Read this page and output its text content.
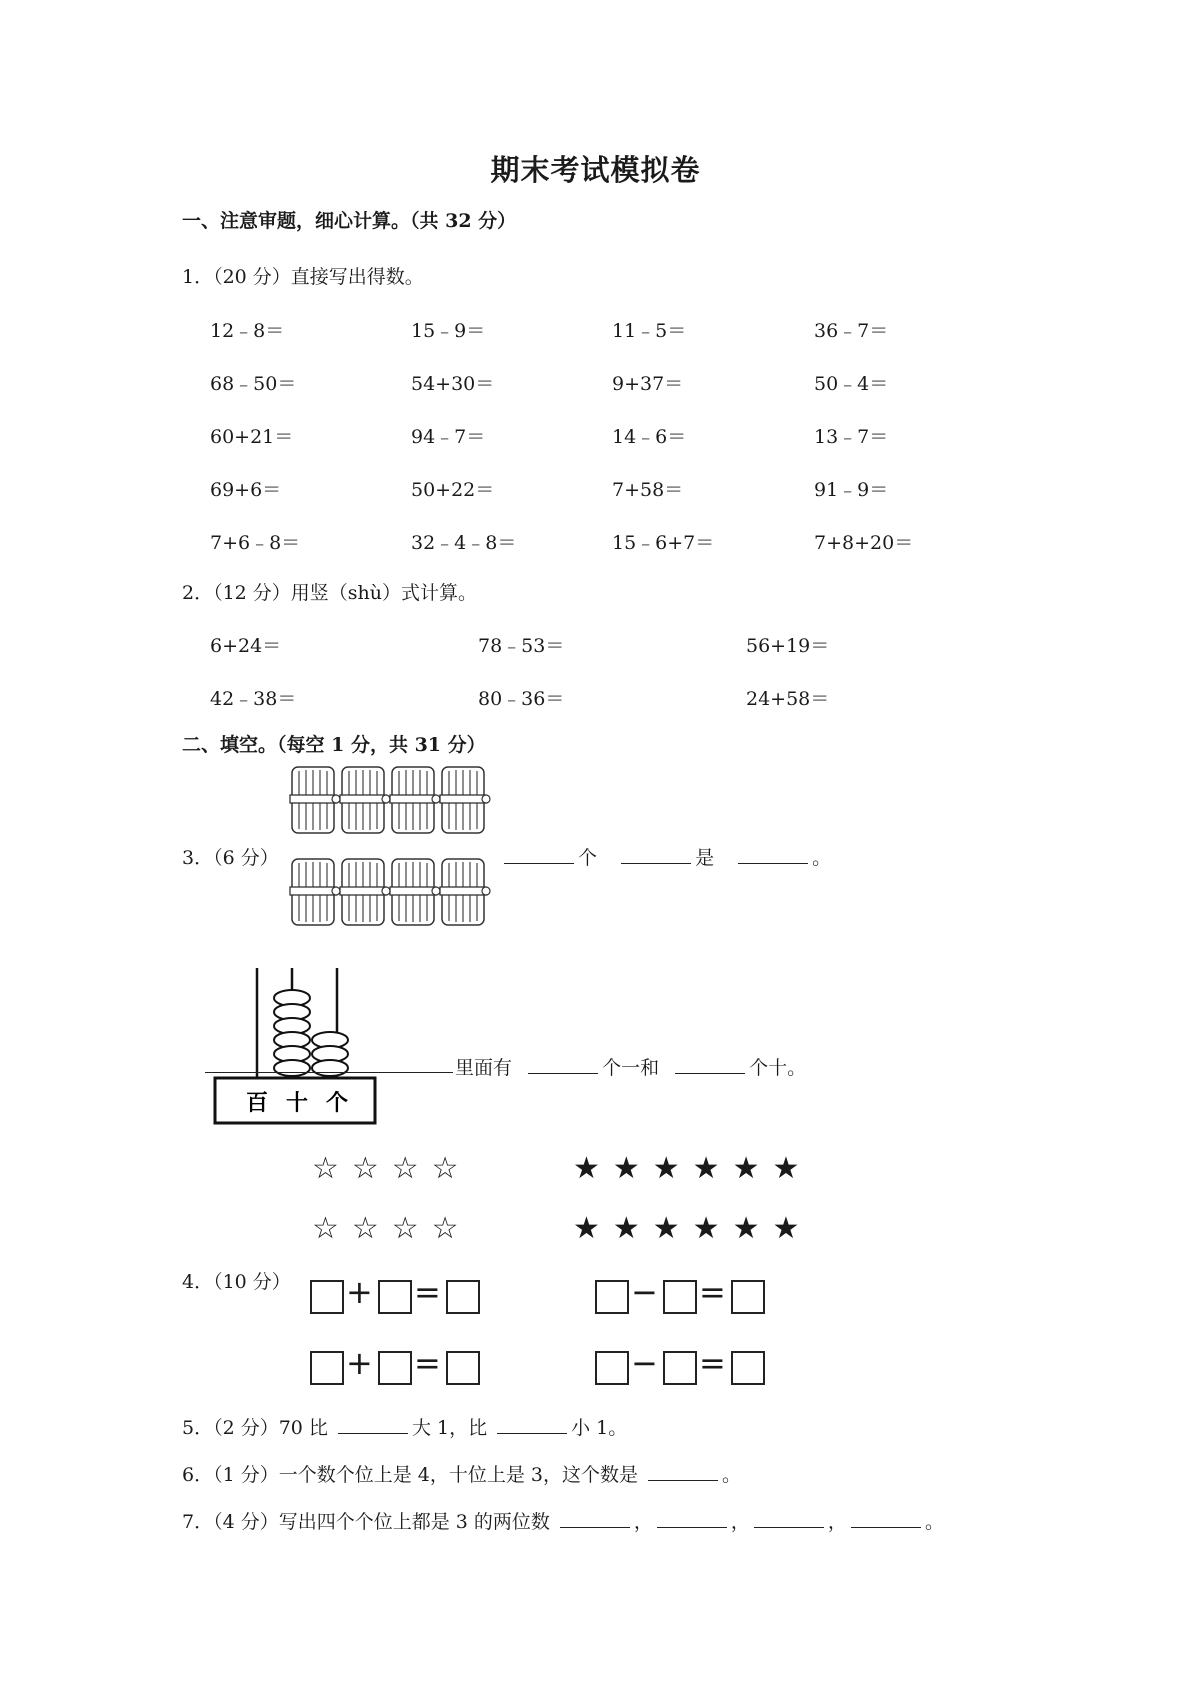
期末考试模拟卷
一、注意审题，细心计算。（共 32 分）
1．（20 分）直接写出得数。
12﹣8＝	15﹣9＝	11﹣5＝	36﹣7＝
68﹣50＝	54+30＝	9+37＝	50﹣4＝
60+21＝	94﹣7＝	14﹣6＝	13﹣7＝
69+6＝	50+22＝	7+58＝	91﹣9＝
7+6﹣8＝	32﹣4﹣8＝	15﹣6+7＝	7+8+20＝
2．（12 分）用竖（shù）式计算。
6+24＝	78﹣53＝	56+19＝
42﹣38＝	80﹣36＝	24+58＝
二、填空。（每空 1 分，共 31 分）
3．（6 分）	个	是	。
百 十 个
里面有	个一和	个十。
4．（10 分）
☆☆☆☆
☆☆☆☆
★★★★★★
★★★★★★
+ =	− =
+ =	− =
5．（2 分）70 比	大 1，比	小 1。
6．（1 分）一个数个位上是 4，十位上是 3，这个数是	。
7．（4 分）写出四个个位上都是 3 的两位数	，	，	，	。
